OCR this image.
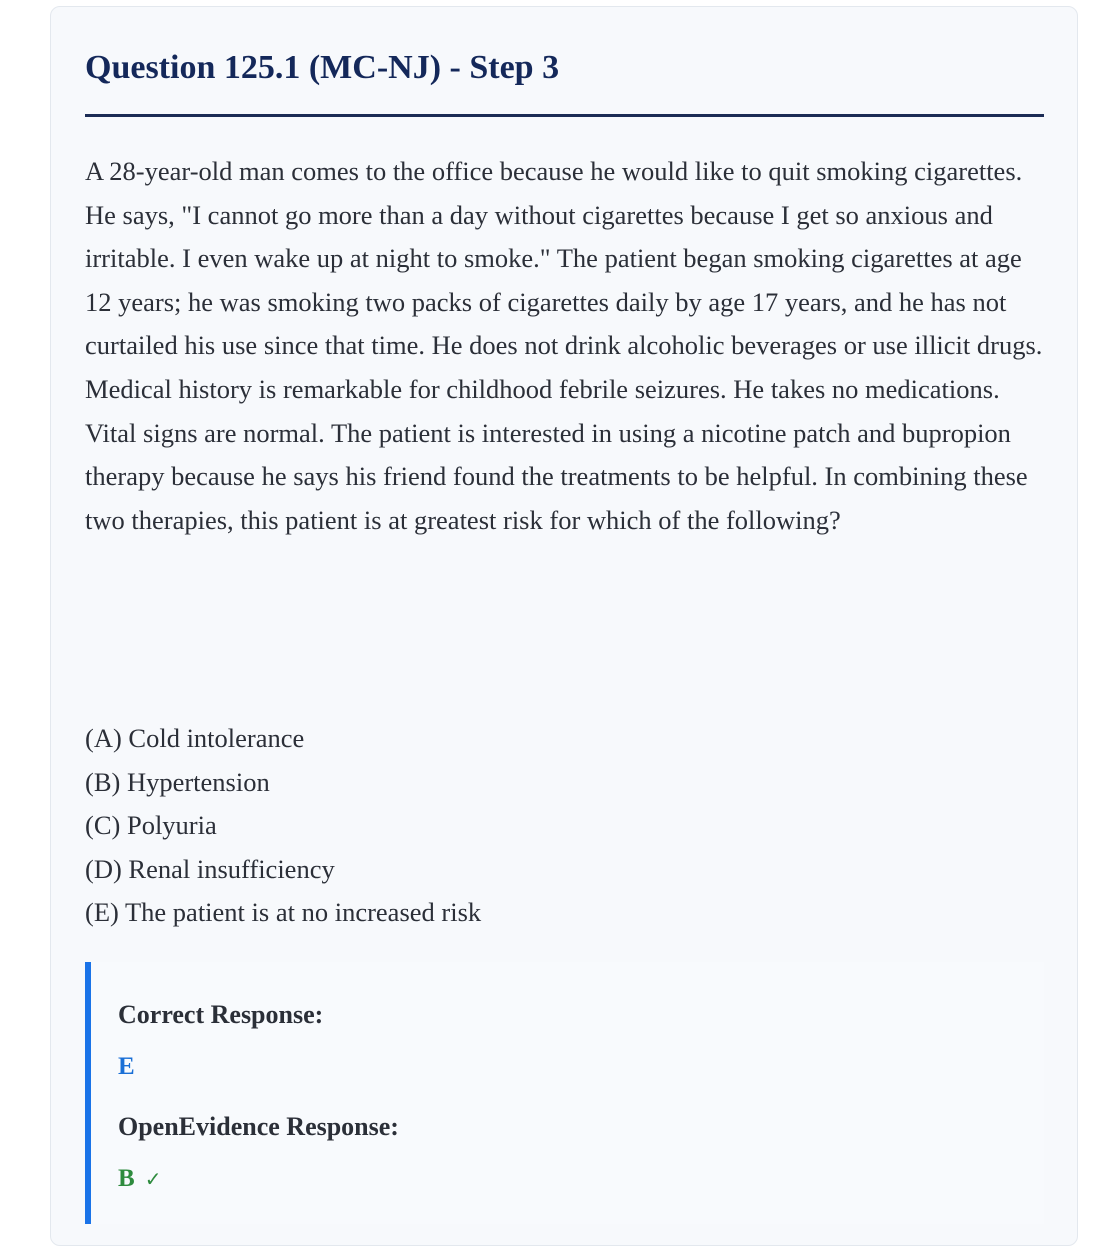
Question 125.1 (MC-NJ) - Step 3

A 28-year-old man comes to the office because he would like to quit smoking cigarettes. He says, "I cannot go more than a day without cigarettes because I get so anxious and irritable. I even wake up at night to smoke." The patient began smoking cigarettes at age 12 years; he was smoking two packs of cigarettes daily by age 17 years, and he has not curtailed his use since that time. He does not drink alcoholic beverages or use illicit drugs. Medical history is remarkable for childhood febrile seizures. He takes no medications. Vital signs are normal. The patient is interested in using a nicotine patch and bupropion therapy because he says his friend found the treatments to be helpful. In combining these two therapies, this patient is at greatest risk for which of the following?

(A) Cold intolerance
(B) Hypertension
(C) Polyuria
(D) Renal insufficiency
(E) The patient is at no increased risk
Correct Response:
E
OpenEvidence Response:
B ✓
